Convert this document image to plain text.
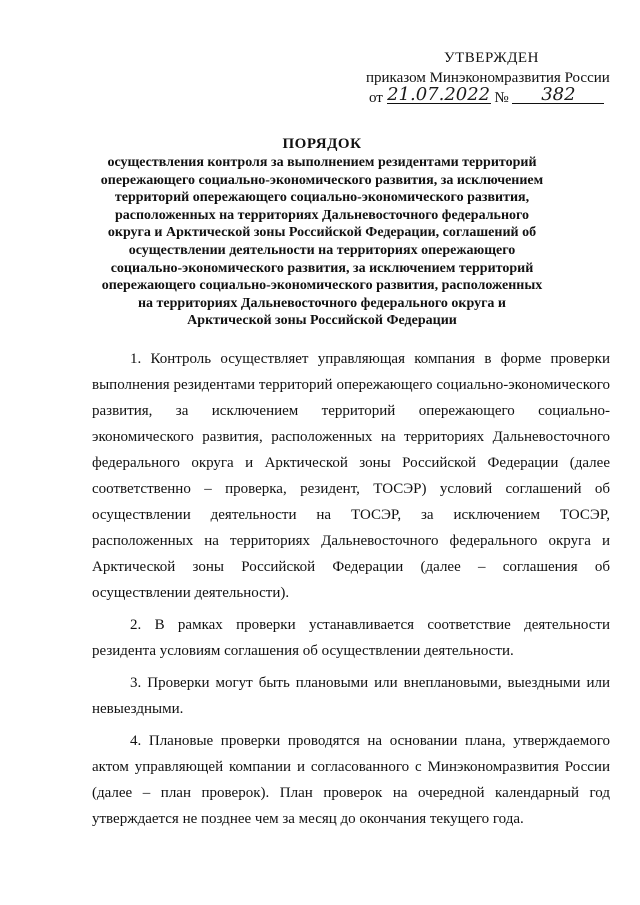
УТВЕРЖДЕН
приказом Минэкономразвития России
от 21.07.2022 № 382
ПОРЯДОК
осуществления контроля за выполнением резидентами территорий опережающего социально-экономического развития, за исключением территорий опережающего социально-экономического развития, расположенных на территориях Дальневосточного федерального округа и Арктической зоны Российской Федерации, соглашений об осуществлении деятельности на территориях опережающего социально-экономического развития, за исключением территорий опережающего социально-экономического развития, расположенных на территориях Дальневосточного федерального округа и Арктической зоны Российской Федерации

1. Контроль осуществляет управляющая компания в форме проверки выполнения резидентами территорий опережающего социально-экономического развития, за исключением территорий опережающего социально-экономического развития, расположенных на территориях Дальневосточного федерального округа и Арктической зоны Российской Федерации (далее соответственно – проверка, резидент, ТОСЭР) условий соглашений об осуществлении деятельности на ТОСЭР, за исключением ТОСЭР, расположенных на территориях Дальневосточного федерального округа и Арктической зоны Российской Федерации (далее – соглашения об осуществлении деятельности).

2. В рамках проверки устанавливается соответствие деятельности резидента условиям соглашения об осуществлении деятельности.

3. Проверки могут быть плановыми или внеплановыми, выездными или невыездными.

4. Плановые проверки проводятся на основании плана, утверждаемого актом управляющей компании и согласованного с Минэкономразвития России (далее – план проверок). План проверок на очередной календарный год утверждается не позднее чем за месяц до окончания текущего года.
